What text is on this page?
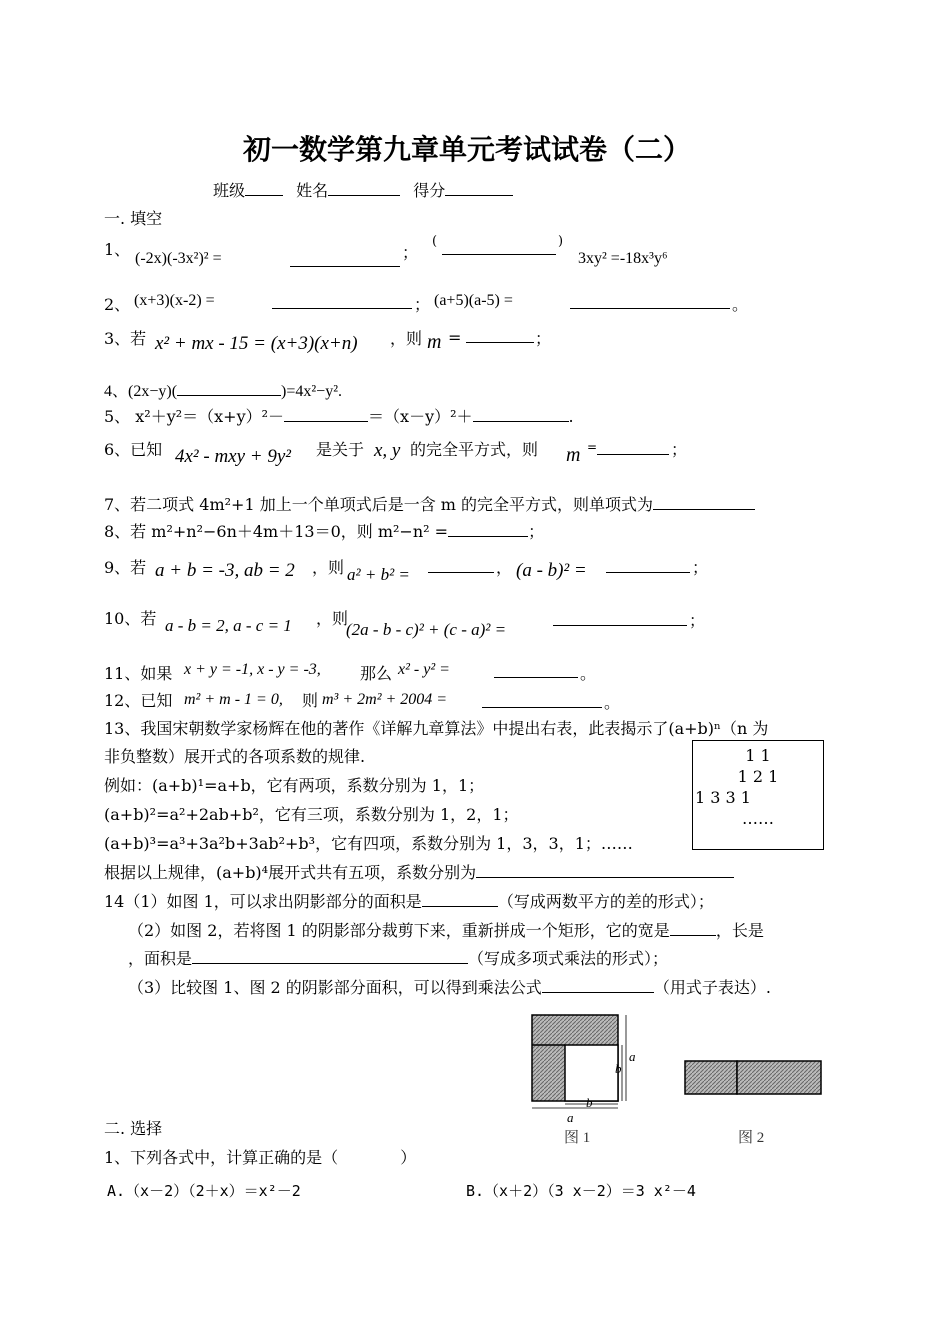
初一数学第九章单元考试试卷（二）
班级	姓名	得分
一. 填空
1、 (-2x)(-3x²)² =	；
(	)
3xy² =-18x³y⁶
2、 (x+3)(x-2) =	； (a+5)(a-5) =	。
3、若 x² + mx - 15 = (x+3)(x+n) ，则 m =	；
4、(2x−y)(	)=4x²−y².
5、 x²＋y²＝（x+y）²－	＝（x－y）²＋	.
6、已知 4x² - mxy + 9y² 是关于 x, y 的完全平方式，则 m =	；
7、若二项式 4m²+1 加上一个单项式后是一含 m 的完全平方式，则单项式为
8、若 m²+n²−6n＋4m＋13＝0，则 m²−n² =	；
9、若 a + b = -3, ab = 2 ，则 a² + b² =	， (a - b)² =	；
10、若 a - b = 2, a - c = 1 ，则
(2a - b - c)² + (c - a)² =	；
11、如果 x + y = -1, x - y = -3, 那么 x² - y² =	。
12、已知 m² + m - 1 = 0, 则 m³ + 2m² + 2004 =	。
13、我国宋朝数学家杨辉在他的著作《详解九章算法》中提出右表，此表揭示了(a+b)ⁿ（n 为
非负整数）展开式的各项系数的规律.
例如：(a+b)¹=a+b，它有两项，系数分别为 1，1；
(a+b)²=a²+2ab+b²，它有三项，系数分别为 1，2，1；
(a+b)³=a³+3a²b+3ab²+b³，它有四项，系数分别为 1，3，3，1；……
根据以上规律，(a+b)⁴展开式共有五项，系数分别为
1 1
1 2 1
1 3 3 1
……
14（1）如图 1，可以求出阴影部分的面积是	（写成两数平方的差的形式）；
（2）如图 2，若将图 1 的阴影部分裁剪下来，重新拼成一个矩形，它的宽是	，长是
，面积是	（写成多项式乘法的形式）；
（3）比较图 1、图 2 的阴影部分面积，可以得到乘法公式	（用式子表达）.
a
b
a
b
图 1	图 2
二. 选择
1、下列各式中，计算正确的是（	）
A.（x－2）（2＋x）＝x²－2	B.（x＋2）（3 x－2）＝3 x²－4
